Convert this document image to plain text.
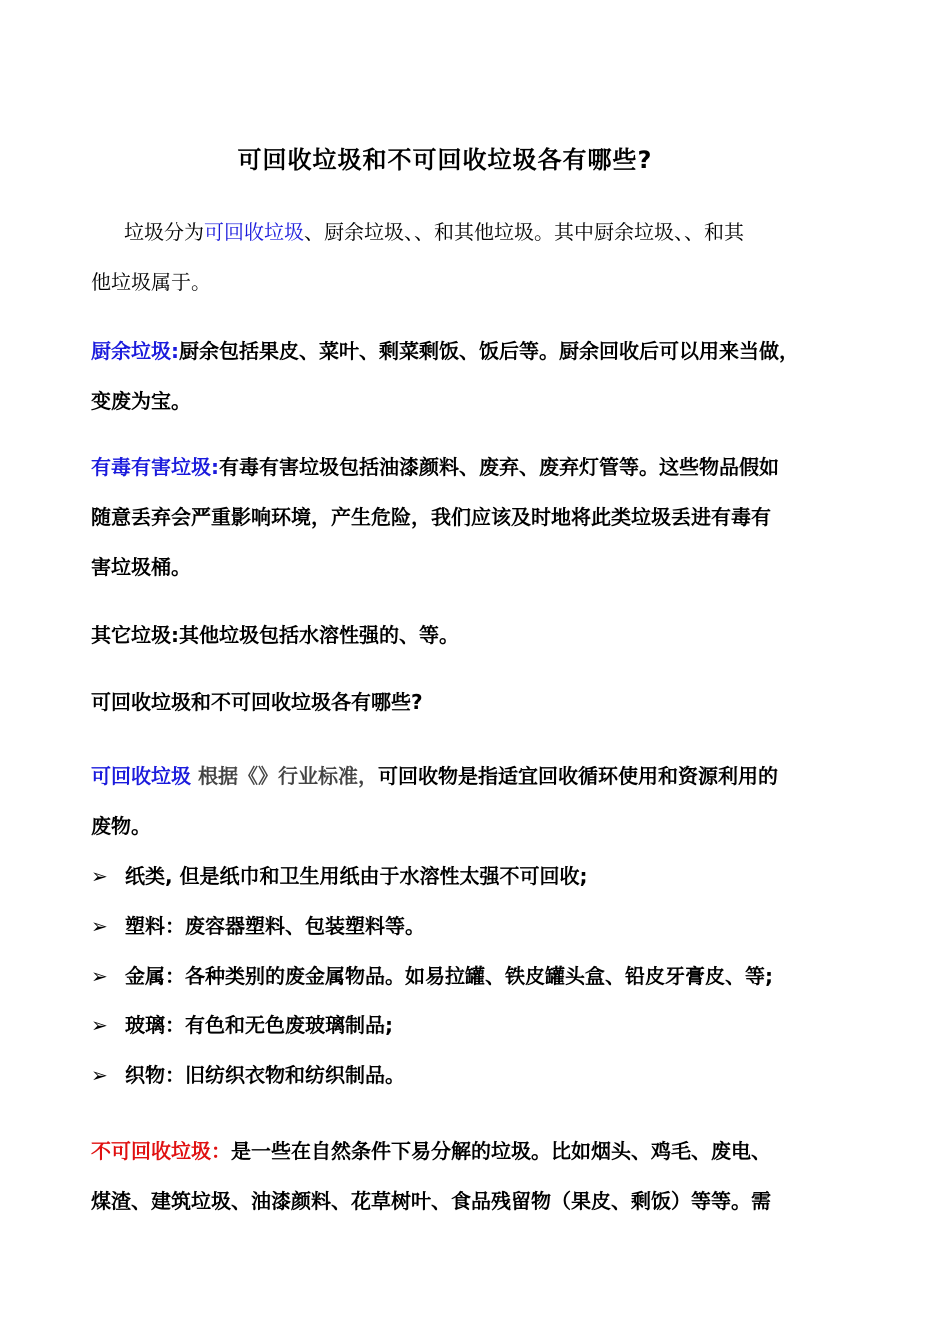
可回收垃圾和不可回收垃圾各有哪些?
垃圾分为可回收垃圾、厨余垃圾、、和其他垃圾。其中厨余垃圾、、和其
他垃圾属于。
厨余垃圾:厨余包括果皮、菜叶、剩菜剩饭、饭后等。厨余回收后可以用来当做，
变废为宝。
有毒有害垃圾:有毒有害垃圾包括油漆颜料、废弃、废弃灯管等。这些物品假如
随意丢弃会严重影响环境，产生危险，我们应该及时地将此类垃圾丢进有毒有
害垃圾桶。
其它垃圾:其他垃圾包括水溶性强的、等。
可回收垃圾和不可回收垃圾各有哪些?
可回收垃圾 根据《》行业标准，可回收物是指适宜回收循环使用和资源利用的
废物。
➢ 纸类, 但是纸巾和卫生用纸由于水溶性太强不可回收;
➢ 塑料：废容器塑料、包装塑料等。
➢ 金属：各种类别的废金属物品。如易拉罐、铁皮罐头盒、铅皮牙膏皮、等;
➢ 玻璃：有色和无色废玻璃制品;
➢ 织物：旧纺织衣物和纺织制品。
不可回收垃圾：是一些在自然条件下易分解的垃圾。比如烟头、鸡毛、废电、
煤渣、建筑垃圾、油漆颜料、花草树叶、食品残留物（果皮、剩饭）等等。需
